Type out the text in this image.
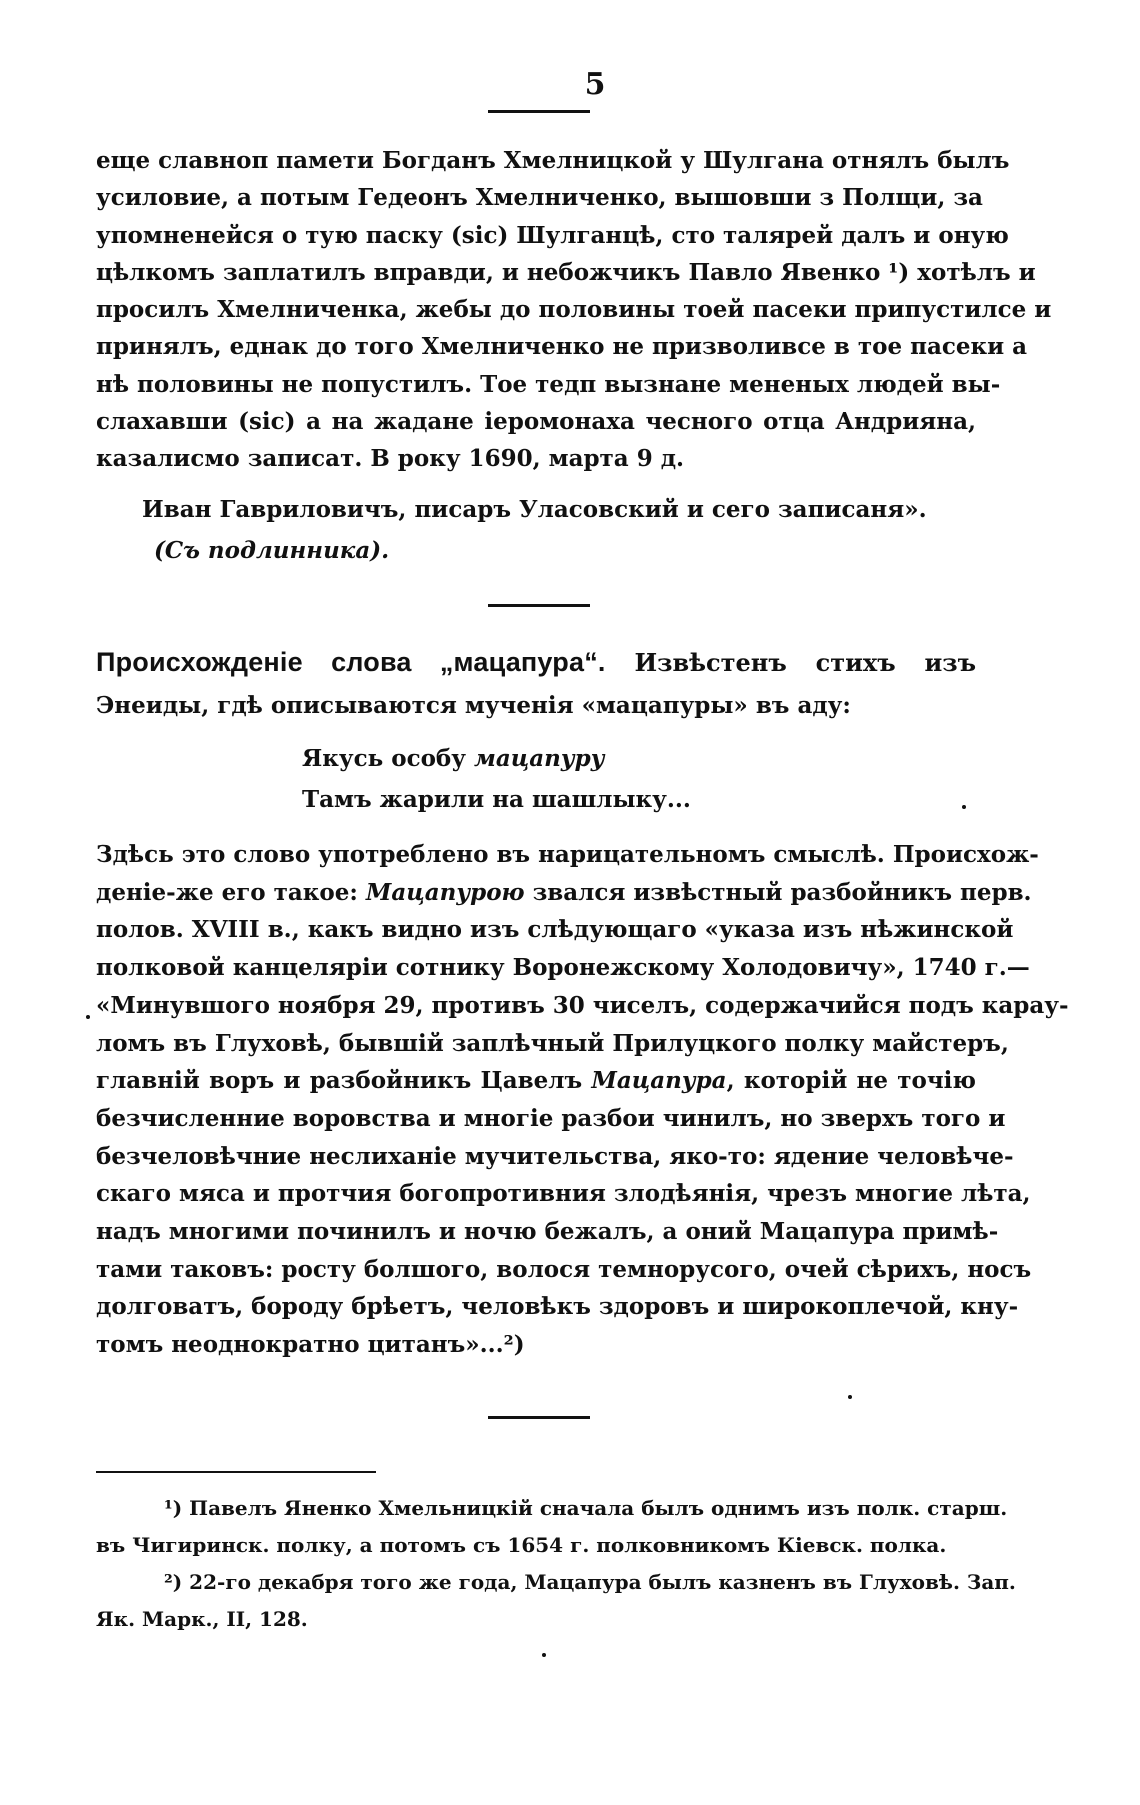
5
еще славноп памети Богданъ Хмелницкой у Шулгана отнялъ былъ
усиловие, а потым Гедеонъ Хмелниченко, вышовши з Полщи, за
упомненейся о тую паску (sic) Шулганцѣ, сто талярей далъ и оную
цѣлкомъ заплатилъ вправди, и небожчикъ Павло Явенко ¹) хотѣлъ и
просилъ Хмелниченка, жебы до половины тоей пасеки припустилсе и
принялъ, еднак до того Хмелниченко не призволивсе в тое пасеки а
нѣ половины не попустилъ. Тое тедп вызнане мененых людей вы-
слахавши (sic) а на жадане іеромонаха чесного отца Андрияна, казалисмо записат. В року 1690, марта 9 д.
Иван Гавриловичъ, писаръ Уласовский и сего записаня».
(Съ подлинника).
Происхожденіе слова „мацапура“. Извѣстенъ стихъ изъ
Энеиды, гдѣ описываются мученія «мацапуры» въ аду:
Якусь особу мацапуру
Тамъ жарили на шашлыку...
Здѣсь это слово употреблено въ нарицательномъ смыслѣ. Происхож-
деніе-же его такое: Мацапурою звался извѣстный разбойникъ перв.
полов. XVIII в., какъ видно изъ слѣдующаго «указа изъ нѣжинской
полковой канцеляріи сотнику Воронежскому Холодовичу», 1740 г.—
«Минувшого ноября 29, противъ 30 чиселъ, содержачийся подъ карау-
ломъ въ Глуховѣ, бывшій заплѣчный Прилуцкого полку майстеръ,
главній воръ и разбойникъ Цавелъ Мацапура, которій не точію
безчисленние воровства и многіе разбои чинилъ, но зверхъ того и
безчеловѣчние неслиханіе мучительства, яко-то: ядение человѣче-
скаго мяса и протчия богопротивния злодѣянія, чрезъ многие лѣта,
надъ многими починилъ и ночю бежалъ, а оний Мацапура примѣ-
тами таковъ: росту болшого, волося темнорусого, очей сѣрихъ, носъ
долговатъ, бороду брѣетъ, человѣкъ здоровъ и широкоплечой, кну-
томъ неоднократно цитанъ»...²)
¹) Павелъ Яненко Хмельницкій сначала былъ однимъ изъ полк. старш.
въ Чигиринск. полку, а потомъ съ 1654 г. полковникомъ Кіевск. полка.
²) 22-го декабря того же года, Мацапура былъ казненъ въ Глуховѣ. Зап.
Як. Марк., II, 128.
